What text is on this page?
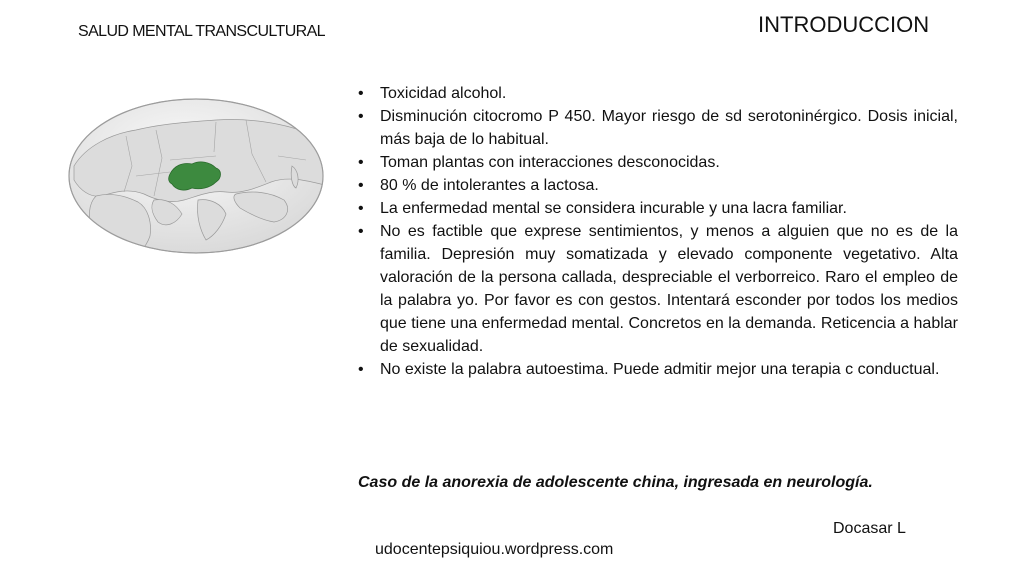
SALUD MENTAL TRANSCULTURAL	INTRODUCCION
• Toxicidad alcohol.
• Disminución citocromo P 450. Mayor riesgo de sd serotoninérgico. Dosis inicial, más baja de lo habitual.
• Toman plantas con interacciones desconocidas.
• 80 % de intolerantes a lactosa.
• La enfermedad mental se considera incurable y una lacra familiar.
• No es factible que exprese sentimientos, y menos a alguien que no es de la familia. Depresión muy somatizada y elevado componente vegetativo. Alta valoración de la persona callada, despreciable el verborreico. Raro el empleo de la palabra yo. Por favor es con gestos. Intentará esconder por todos los medios que tiene una enfermedad mental. Concretos en la demanda. Reticencia a hablar de sexualidad.
• No existe la palabra autoestima. Puede admitir mejor una terapia c conductual.
Caso de la anorexia de adolescente china, ingresada en neurología.
Docasar L
udocentepsiquiou.wordpress.com
